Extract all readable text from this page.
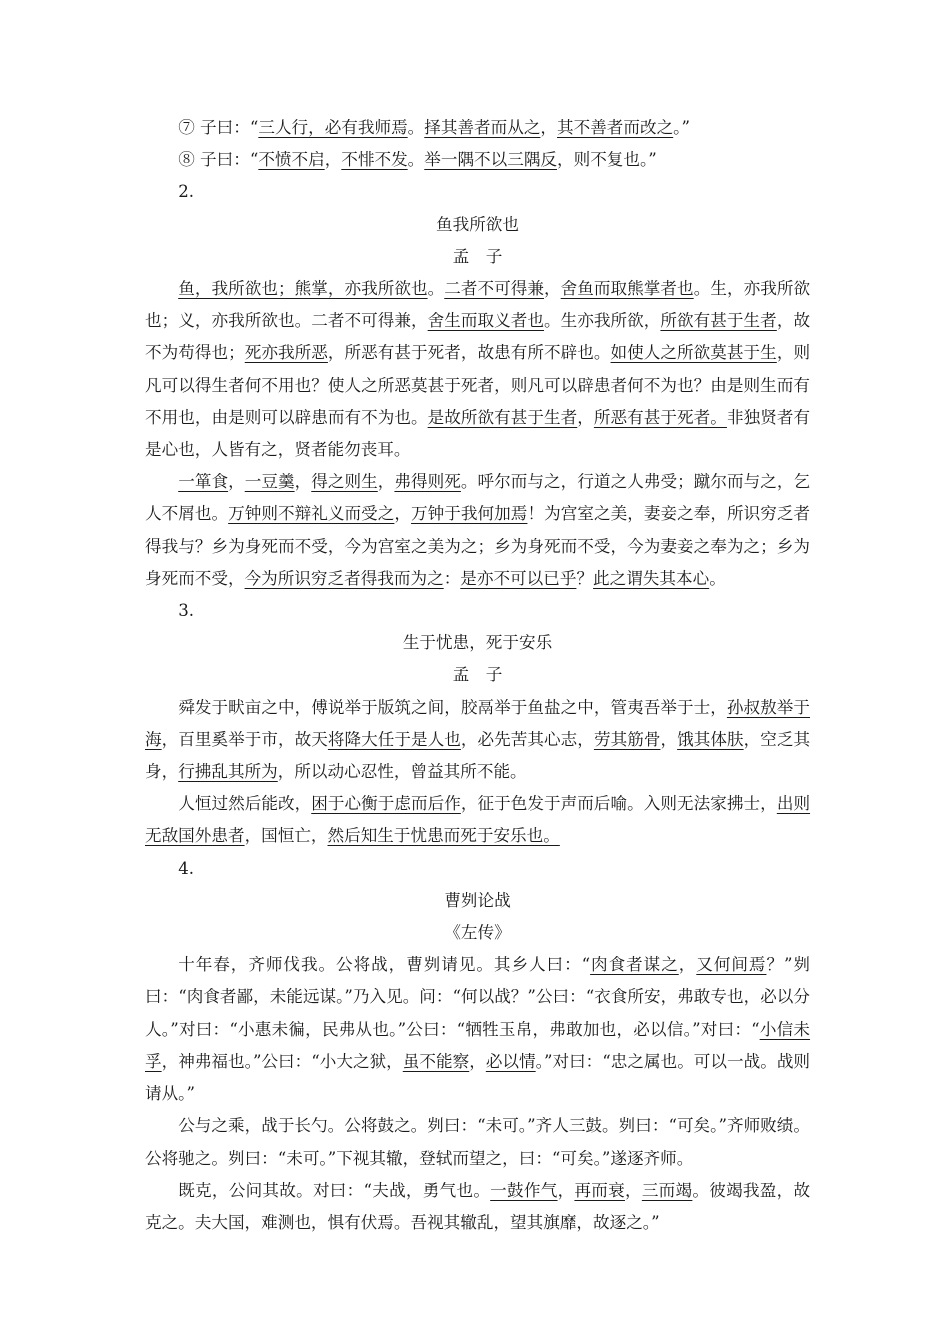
⑦ 子曰：“三人行，必有我师焉。择其善者而从之，其不善者而改之。”

⑧ 子曰：“不愤不启，不悱不发。举一隅不以三隅反，则不复也。”

2.

鱼我所欲也

孟　子

鱼，我所欲也；熊掌，亦我所欲也。二者不可得兼，舍鱼而取熊掌者也。生，亦我所欲也；义，亦我所欲也。二者不可得兼，舍生而取义者也。生亦我所欲，所欲有甚于生者，故不为苟得也；死亦我所恶，所恶有甚于死者，故患有所不辟也。如使人之所欲莫甚于生，则凡可以得生者何不用也？使人之所恶莫甚于死者，则凡可以辟患者何不为也？由是则生而有不用也，由是则可以辟患而有不为也。是故所欲有甚于生者，所恶有甚于死者。非独贤者有是心也，人皆有之，贤者能勿丧耳。

一箪食，一豆羹，得之则生，弗得则死。呼尔而与之，行道之人弗受；蹴尔而与之，乞人不屑也。万钟则不辩礼义而受之，万钟于我何加焉！为宫室之美，妻妾之奉，所识穷乏者得我与？乡为身死而不受，今为宫室之美为之；乡为身死而不受，今为妻妾之奉为之；乡为身死而不受，今为所识穷乏者得我而为之：是亦不可以已乎？此之谓失其本心。

3.

生于忧患，死于安乐

孟　子

舜发于畎亩之中，傅说举于版筑之间，胶鬲举于鱼盐之中，管夷吾举于士，孙叔敖举于海，百里奚举于市，故天将降大任于是人也，必先苦其心志，劳其筋骨，饿其体肤，空乏其身，行拂乱其所为，所以动心忍性，曾益其所不能。

人恒过然后能改，困于心衡于虑而后作，征于色发于声而后喻。入则无法家拂士，出则无敌国外患者，国恒亡，然后知生于忧患而死于安乐也。

4.

曹刿论战

《左传》

十年春，齐师伐我。公将战，曹刿请见。其乡人曰：“肉食者谋之，又何间焉？”刿曰：“肉食者鄙，未能远谋。”乃入见。问：“何以战？”公曰：“衣食所安，弗敢专也，必以分人。”对曰：“小惠未徧，民弗从也。”公曰：“牺牲玉帛，弗敢加也，必以信。”对曰：“小信未孚，神弗福也。”公曰：“小大之狱，虽不能察，必以情。”对曰：“忠之属也。可以一战。战则请从。”

公与之乘，战于长勺。公将鼓之。刿曰：“未可。”齐人三鼓。刿曰：“可矣。”齐师败绩。公将驰之。刿曰：“未可。”下视其辙，登轼而望之，曰：“可矣。”遂逐齐师。

既克，公问其故。对曰：“夫战，勇气也。一鼓作气，再而衰，三而竭。彼竭我盈，故克之。夫大国，难测也，惧有伏焉。吾视其辙乱，望其旗靡，故逐之。”
